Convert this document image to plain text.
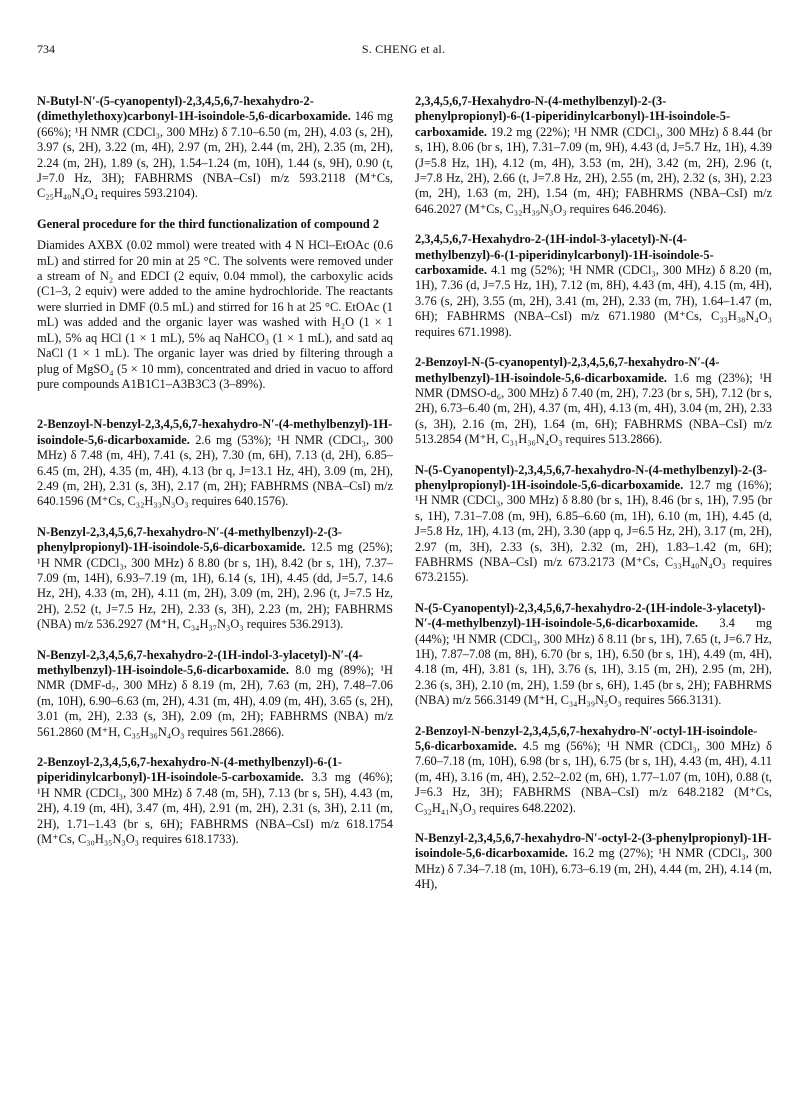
734	S. CHENG et al.

N-Butyl-N′-(5-cyanopentyl)-2,3,4,5,6,7-hexahydro-2-(dimethylethoxy)carbonyl-1H-isoindole-5,6-dicarboxamide. 146 mg (66%); ¹H NMR (CDCl₃, 300 MHz) δ 7.10–6.50 (m, 2H), 4.03 (s, 2H), 3.97 (s, 2H), 3.22 (m, 4H), 2.97 (m, 2H), 2.44 (m, 2H), 2.35 (m, 2H), 2.24 (m, 2H), 1.89 (s, 2H), 1.54–1.24 (m, 10H), 1.44 (s, 9H), 0.90 (t, J=7.0 Hz, 3H); FABHRMS (NBA–CsI) m/z 593.2118 (M⁺Cs, C₂₅H₄₀N₄O₄ requires 593.2104).

General procedure for the third functionalization of compound 2

Diamides AXBX (0.02 mmol) were treated with 4 N HCl–EtOAc (0.6 mL) and stirred for 20 min at 25 °C. The solvents were removed under a stream of N₂ and EDCI (2 equiv, 0.04 mmol), the carboxylic acids (C1–3, 2 equiv) were added to the amine hydrochloride. The reactants were slurried in DMF (0.5 mL) and stirred for 16 h at 25 °C. EtOAc (1 mL) was added and the organic layer was washed with H₂O (1 × 1 mL), 5% aq HCl (1 × 1 mL), 5% aq NaHCO₃ (1 × 1 mL), and satd aq NaCl (1 × 1 mL). The organic layer was dried by filtering through a plug of MgSO₄ (5 × 10 mm), concentrated and dried in vacuo to afford pure compounds A1B1C1–A3B3C3 (3–89%).

2-Benzoyl-N-benzyl-2,3,4,5,6,7-hexahydro-N′-(4-methylbenzyl)-1H-isoindole-5,6-dicarboxamide. 2.6 mg (53%); ¹H NMR (CDCl₃, 300 MHz) δ 7.48 (m, 4H), 7.41 (s, 2H), 7.30 (m, 6H), 7.13 (d, 2H), 6.85–6.45 (m, 2H), 4.35 (m, 4H), 4.13 (br q, J=13.1 Hz, 4H), 3.09 (m, 2H), 2.49 (m, 2H), 2.31 (s, 3H), 2.17 (m, 2H); FABHRMS (NBA–CsI) m/z 640.1596 (M⁺Cs, C₃₂H₃₃N₃O₃ requires 640.1576).

N-Benzyl-2,3,4,5,6,7-hexahydro-N′-(4-methylbenzyl)-2-(3-phenylpropionyl)-1H-isoindole-5,6-dicarboxamide. 12.5 mg (25%); ¹H NMR (CDCl₃, 300 MHz) δ 8.80 (br s, 1H), 8.42 (br s, 1H), 7.37–7.09 (m, 14H), 6.93–7.19 (m, 1H), 6.14 (s, 1H), 4.45 (dd, J=5.7, 14.6 Hz, 2H), 4.33 (m, 2H), 4.11 (m, 2H), 3.09 (m, 2H), 2.96 (t, J=7.5 Hz, 2H), 2.52 (t, J=7.5 Hz, 2H), 2.33 (s, 3H), 2.23 (m, 2H); FABHRMS (NBA) m/z 536.2927 (M⁺H, C₃₄H₃₇N₃O₃ requires 536.2913).

N-Benzyl-2,3,4,5,6,7-hexahydro-2-(1H-indol-3-ylacetyl)-N′-(4-methylbenzyl)-1H-isoindole-5,6-dicarboxamide. 8.0 mg (89%); ¹H NMR (DMF-d₇, 300 MHz) δ 8.19 (m, 2H), 7.63 (m, 2H), 7.48–7.06 (m, 10H), 6.90–6.63 (m, 2H), 4.31 (m, 4H), 4.09 (m, 4H), 3.65 (s, 2H), 3.01 (m, 2H), 2.33 (s, 3H), 2.09 (m, 2H); FABHRMS (NBA) m/z 561.2860 (M⁺H, C₃₅H₃₆N₄O₃ requires 561.2866).

2-Benzoyl-2,3,4,5,6,7-hexahydro-N-(4-methylbenzyl)-6-(1-piperidinylcarbonyl)-1H-isoindole-5-carboxamide. 3.3 mg (46%); ¹H NMR (CDCl₃, 300 MHz) δ 7.48 (m, 5H), 7.13 (br s, 5H), 4.43 (m, 2H), 4.19 (m, 4H), 3.47 (m, 4H), 2.91 (m, 2H), 2.31 (s, 3H), 2.11 (m, 2H), 1.71–1.43 (br s, 6H); FABHRMS (NBA–CsI) m/z 618.1754 (M⁺Cs, C₃₀H₃₅N₃O₃ requires 618.1733).

2,3,4,5,6,7-Hexahydro-N-(4-methylbenzyl)-2-(3-phenylpropionyl)-6-(1-piperidinylcarbonyl)-1H-isoindole-5-carboxamide. 19.2 mg (22%); ¹H NMR (CDCl₃, 300 MHz) δ 8.44 (br s, 1H), 8.06 (br s, 1H), 7.31–7.09 (m, 9H), 4.43 (d, J=5.7 Hz, 1H), 4.39 (J=5.8 Hz, 1H), 4.12 (m, 4H), 3.53 (m, 2H), 3.42 (m, 2H), 2.96 (t, J=7.8 Hz, 2H), 2.66 (t, J=7.8 Hz, 2H), 2.55 (m, 2H), 2.32 (s, 3H), 2.23 (m, 2H), 1.63 (m, 2H), 1.54 (m, 4H); FABHRMS (NBA–CsI) m/z 646.2027 (M⁺Cs, C₃₂H₃₉N₃O₃ requires 646.2046).

2,3,4,5,6,7-Hexahydro-2-(1H-indol-3-ylacetyl)-N-(4-methylbenzyl)-6-(1-piperidinylcarbonyl)-1H-isoindole-5-carboxamide. 4.1 mg (52%); ¹H NMR (CDCl₃, 300 MHz) δ 8.20 (m, 1H), 7.36 (d, J=7.5 Hz, 1H), 7.12 (m, 8H), 4.43 (m, 4H), 4.15 (m, 4H), 3.76 (s, 2H), 3.55 (m, 2H), 3.41 (m, 2H), 2.33 (m, 7H), 1.64–1.47 (m, 6H); FABHRMS (NBA–CsI) m/z 671.1980 (M⁺Cs, C₃₃H₃₈N₄O₃ requires 671.1998).

2-Benzoyl-N-(5-cyanopentyl)-2,3,4,5,6,7-hexahydro-N′-(4-methylbenzyl)-1H-isoindole-5,6-dicarboxamide. 1.6 mg (23%); ¹H NMR (DMSO-d₆, 300 MHz) δ 7.40 (m, 2H), 7.23 (br s, 5H), 7.12 (br s, 2H), 6.73–6.40 (m, 2H), 4.37 (m, 4H), 4.13 (m, 4H), 3.04 (m, 2H), 2.33 (s, 3H), 2.16 (m, 2H), 1.64 (m, 6H); FABHRMS (NBA–CsI) m/z 513.2854 (M⁺H, C₃₁H₃₆N₄O₃ requires 513.2866).

N-(5-Cyanopentyl)-2,3,4,5,6,7-hexahydro-N-(4-methylbenzyl)-2-(3-phenylpropionyl)-1H-isoindole-5,6-dicarboxamide. 12.7 mg (16%); ¹H NMR (CDCl₃, 300 MHz) δ 8.80 (br s, 1H), 8.46 (br s, 1H), 7.95 (br s, 1H), 7.31–7.08 (m, 9H), 6.85–6.60 (m, 1H), 6.10 (m, 1H), 4.45 (d, J=5.8 Hz, 1H), 4.13 (m, 2H), 3.30 (app q, J=6.5 Hz, 2H), 3.17 (m, 2H), 2.97 (m, 3H), 2.33 (s, 3H), 2.32 (m, 2H), 1.83–1.42 (m, 6H); FABHRMS (NBA–CsI) m/z 673.2173 (M⁺Cs, C₃₃H₄₀N₄O₃ requires 673.2155).

N-(5-Cyanopentyl)-2,3,4,5,6,7-hexahydro-2-(1H-indole-3-ylacetyl)-N′-(4-methylbenzyl)-1H-isoindole-5,6-dicarboxamide. 3.4 mg (44%); ¹H NMR (CDCl₃, 300 MHz) δ 8.11 (br s, 1H), 7.65 (t, J=6.7 Hz, 1H), 7.87–7.08 (m, 8H), 6.70 (br s, 1H), 6.50 (br s, 1H), 4.49 (m, 4H), 4.18 (m, 4H), 3.81 (s, 1H), 3.76 (s, 1H), 3.15 (m, 2H), 2.95 (m, 2H), 2.36 (s, 3H), 2.10 (m, 2H), 1.59 (br s, 6H), 1.45 (br s, 2H); FABHRMS (NBA) m/z 566.3149 (M⁺H, C₃₄H₃₉N₅O₃ requires 566.3131).

2-Benzoyl-N-benzyl-2,3,4,5,6,7-hexahydro-N′-octyl-1H-isoindole-5,6-dicarboxamide. 4.5 mg (56%); ¹H NMR (CDCl₃, 300 MHz) δ 7.60–7.18 (m, 10H), 6.98 (br s, 1H), 6.75 (br s, 1H), 4.43 (m, 4H), 4.11 (m, 4H), 3.16 (m, 4H), 2.52–2.02 (m, 6H), 1.77–1.07 (m, 10H), 0.88 (t, J=6.3 Hz, 3H); FABHRMS (NBA–CsI) m/z 648.2182 (M⁺Cs, C₃₂H₄₁N₃O₃ requires 648.2202).

N-Benzyl-2,3,4,5,6,7-hexahydro-N′-octyl-2-(3-phenylpropionyl)-1H-isoindole-5,6-dicarboxamide. 16.2 mg (27%); ¹H NMR (CDCl₃, 300 MHz) δ 7.34–7.18 (m, 10H), 6.73–6.19 (m, 2H), 4.44 (m, 2H), 4.14 (m, 4H),
